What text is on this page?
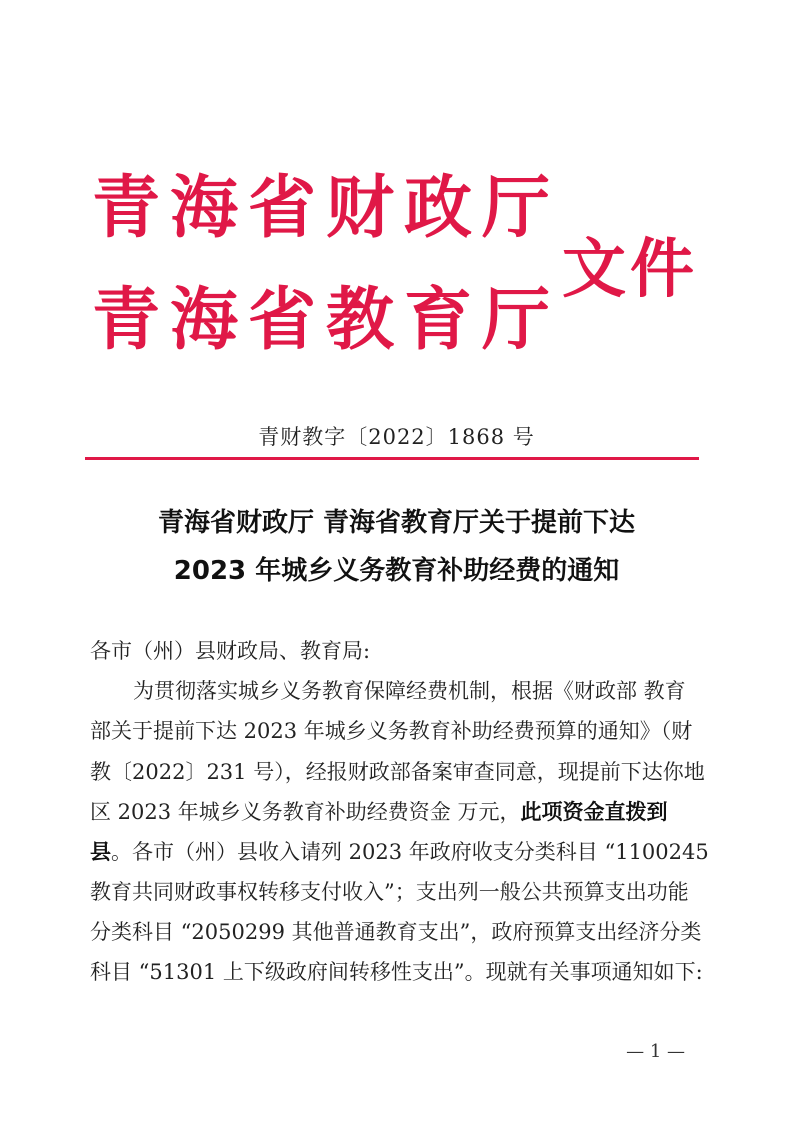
青海省财政厅
青海省教育厅
文件
青财教字〔2022〕1868 号
青海省财政厅 青海省教育厅关于提前下达
2023 年城乡义务教育补助经费的通知
各市（州）县财政局、教育局:
为贯彻落实城乡义务教育保障经费机制，根据《财政部 教育
部关于提前下达 2023 年城乡义务教育补助经费预算的通知》（财
教〔2022〕231 号），经报财政部备案审查同意，现提前下达你地
区 2023 年城乡义务教育补助经费资金 万元，此项资金直拨到
县。各市（州）县收入请列 2023 年政府收支分类科目 “1100245
教育共同财政事权转移支付收入”；支出列一般公共预算支出功能
分类科目 “2050299 其他普通教育支出”，政府预算支出经济分类
科目 “51301 上下级政府间转移性支出”。现就有关事项通知如下:
— 1 —
